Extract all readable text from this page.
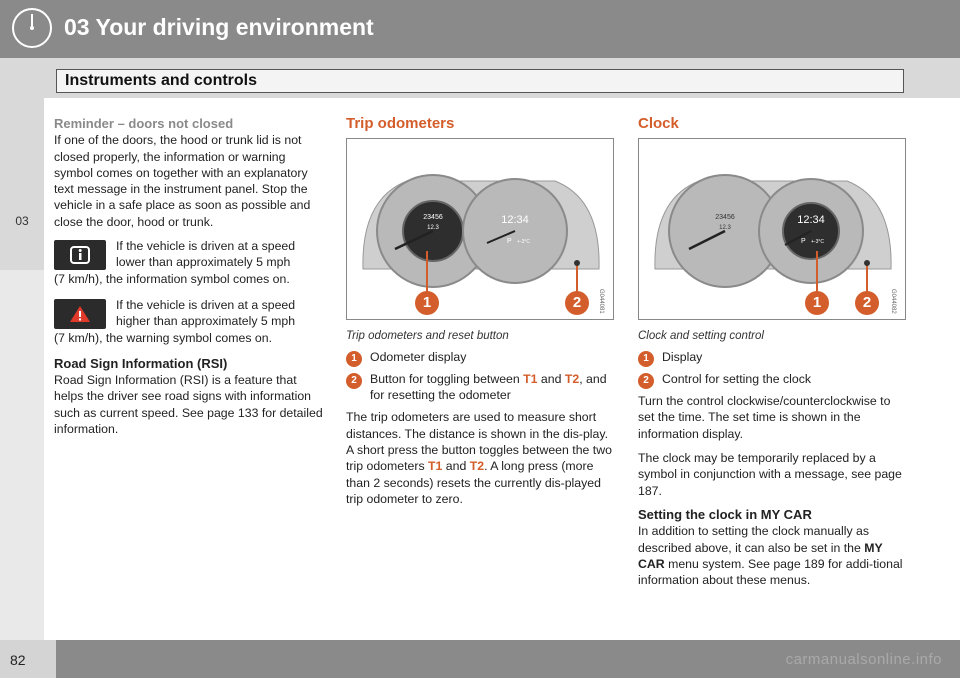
03 Your driving environment
Instruments and controls
03
Reminder – doors not closed

If one of the doors, the hood or trunk lid is not closed properly, the information or warning symbol comes on together with an explanatory text message in the instrument panel. Stop the vehicle in a safe place as soon as possible and close the door, hood or trunk.

If the vehicle is driven at a speed lower than approximately 5 mph
(7 km/h), the information symbol comes on.
If the vehicle is driven at a speed higher than approximately 5 mph
(7 km/h), the warning symbol comes on.
Road Sign Information (RSI)

Road Sign Information (RSI) is a feature that helps the driver see road signs with information such as current speed. See page 133 for detailed information.

Trip odometers
23456
12.3
12:34
P +-3°C
1	2	G044081
Trip odometers and reset button
1	Odometer display
2	Button for toggling between T1 and T2, and for resetting the odometer

The trip odometers are used to measure short distances. The distance is shown in the dis-play. A short press the button toggles between the two trip odometers T1 and T2. A long press (more than 2 seconds) resets the currently dis-played trip odometer to zero.

Clock
23456
12.3
12:34
P +-3°C
1	2	G044082
Clock and setting control
1	Display
2	Control for setting the clock

Turn the control clockwise/counterclockwise to set the time. The set time is shown in the information display.

The clock may be temporarily replaced by a symbol in conjunction with a message, see page 187.

Setting the clock in MY CAR

In addition to setting the clock manually as described above, it can also be set in the MY CAR menu system. See page 189 for addi-tional information about these menus.

82	carmanualsonline.info
